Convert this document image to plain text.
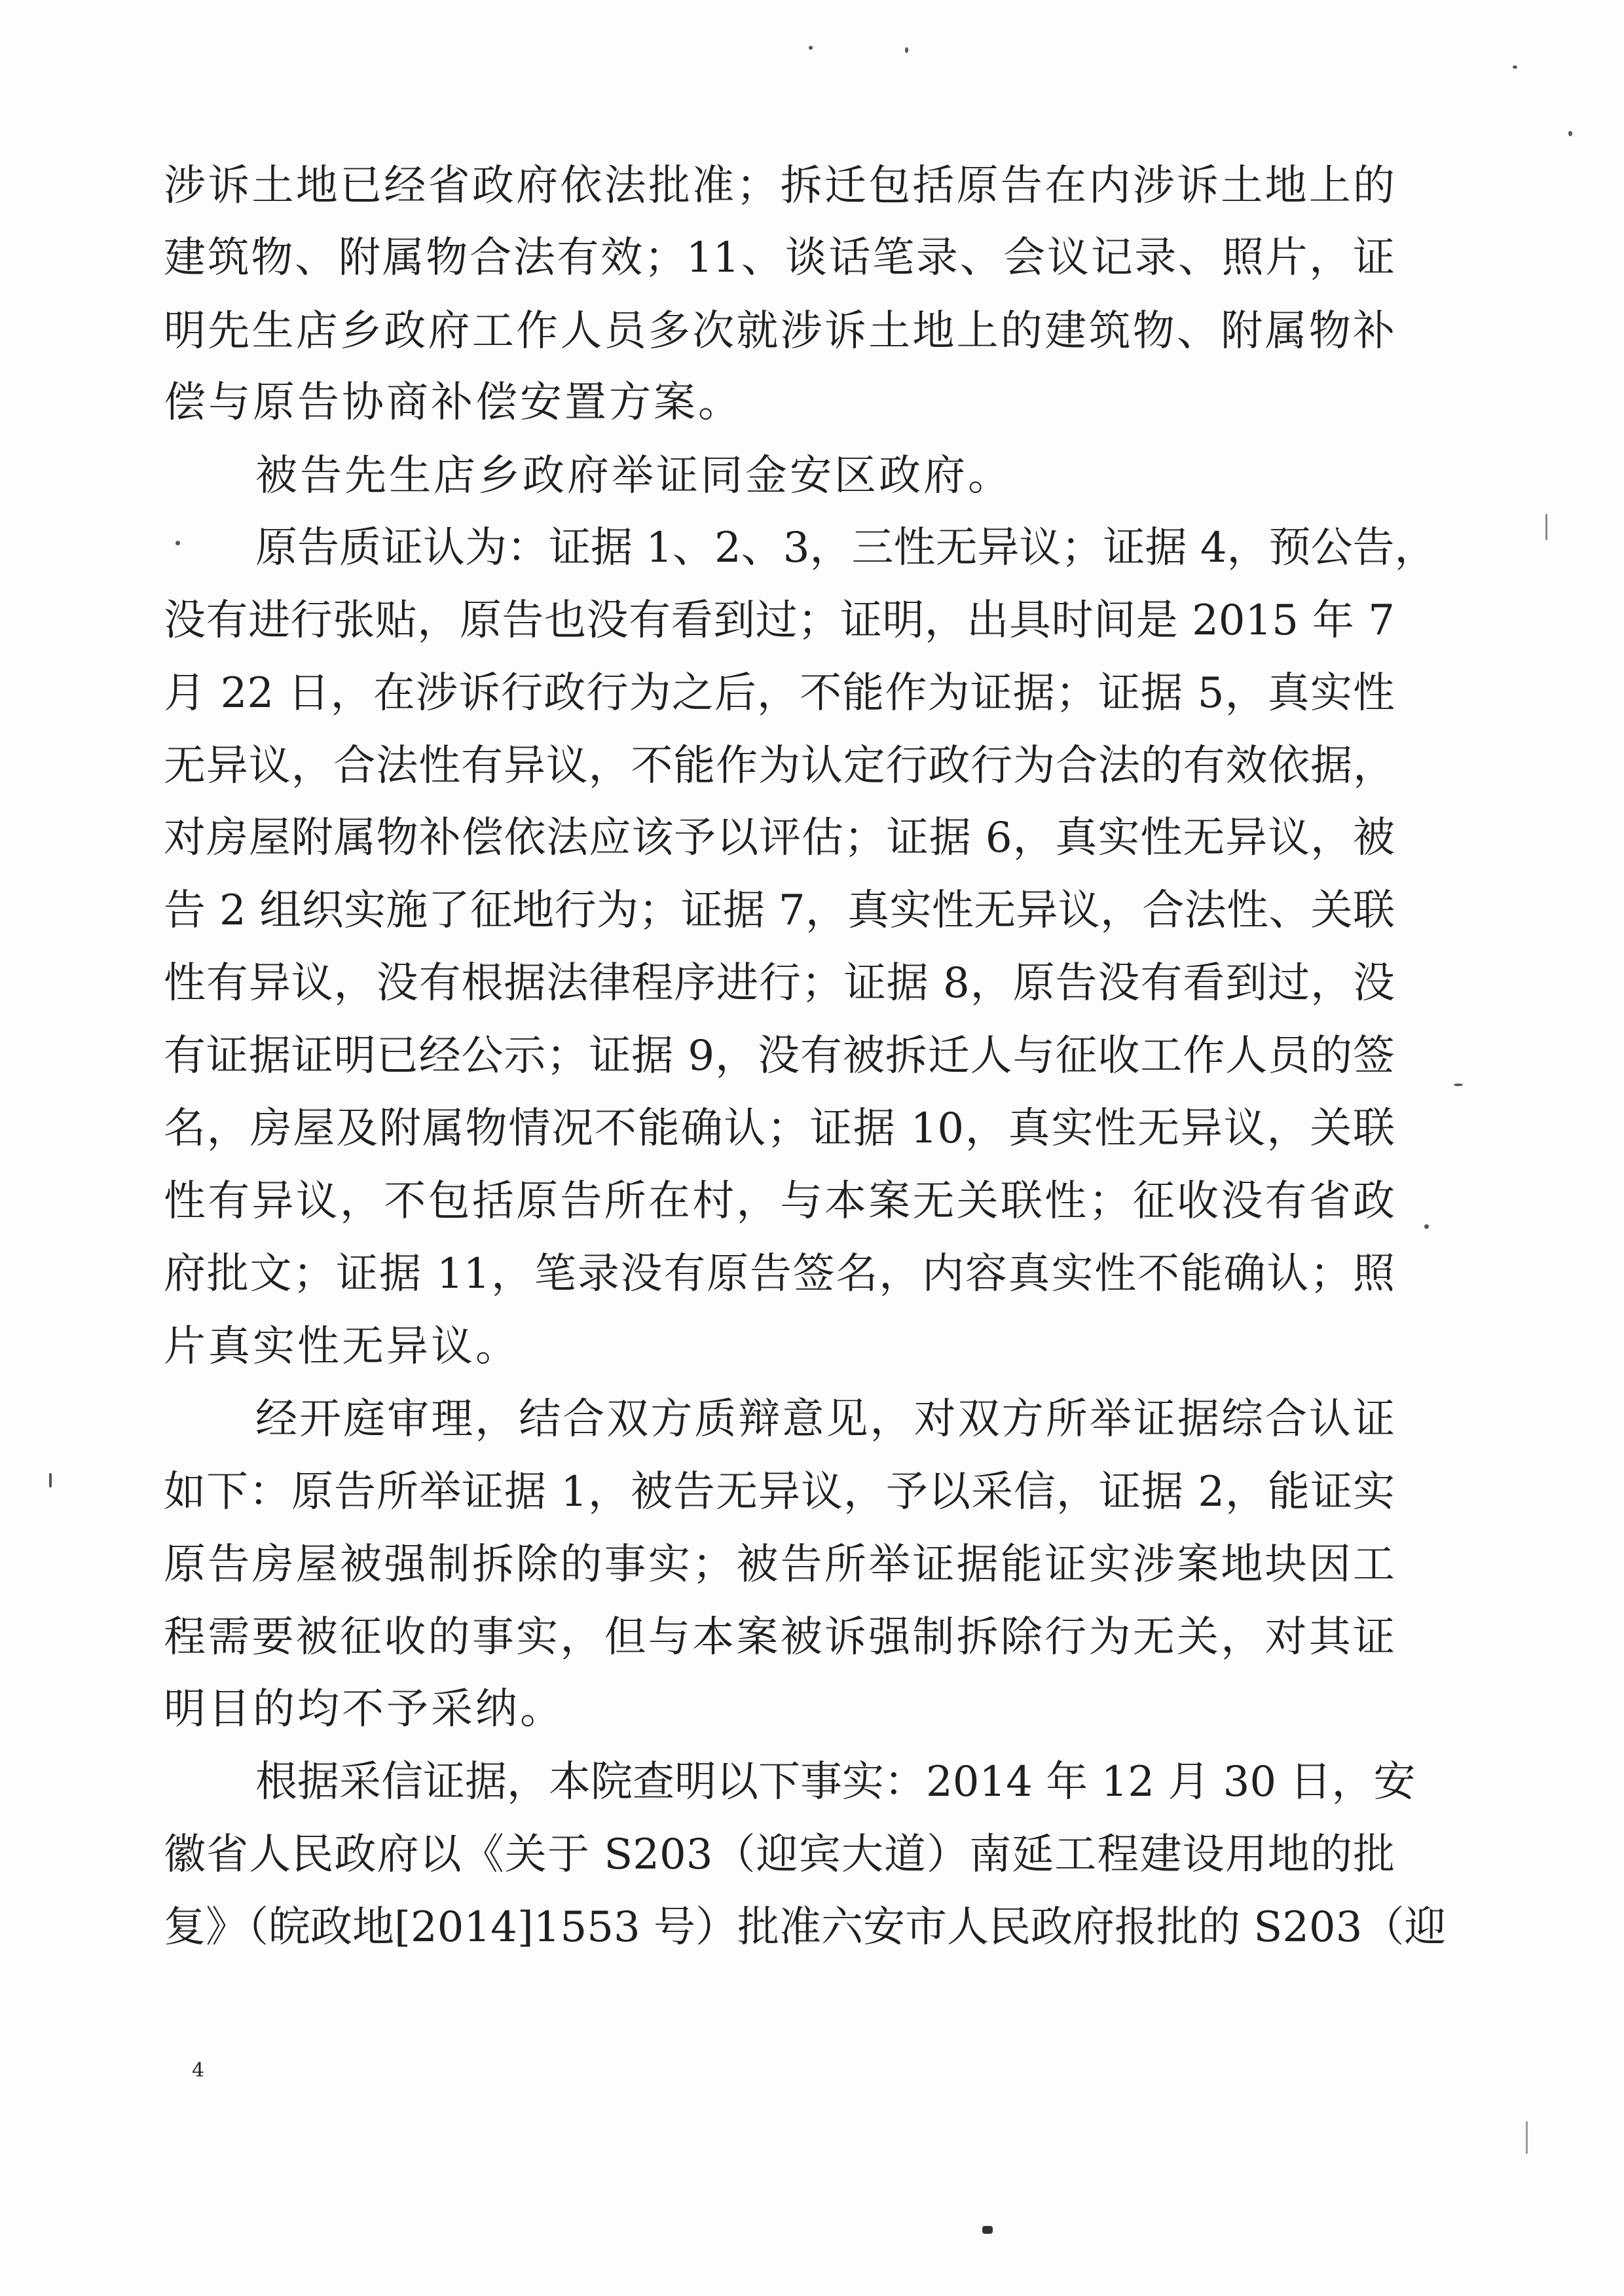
涉诉土地已经省政府依法批准；拆迁包括原告在内涉诉土地上的

建筑物、附属物合法有效；11、谈话笔录、会议记录、照片，证

明先生店乡政府工作人员多次就涉诉土地上的建筑物、附属物补

偿与原告协商补偿安置方案。

被告先生店乡政府举证同金安区政府。

原告质证认为：证据 1、2、3，三性无异议；证据 4，预公告，

没有进行张贴，原告也没有看到过；证明，出具时间是 2015 年 7

月 22 日，在涉诉行政行为之后，不能作为证据；证据 5，真实性

无异议，合法性有异议，不能作为认定行政行为合法的有效依据，

对房屋附属物补偿依法应该予以评估；证据 6，真实性无异议，被

告 2 组织实施了征地行为；证据 7，真实性无异议，合法性、关联

性有异议，没有根据法律程序进行；证据 8，原告没有看到过，没

有证据证明已经公示；证据 9，没有被拆迁人与征收工作人员的签

名，房屋及附属物情况不能确认；证据 10，真实性无异议，关联

性有异议，不包括原告所在村，与本案无关联性；征收没有省政

府批文；证据 11，笔录没有原告签名，内容真实性不能确认；照

片真实性无异议。

经开庭审理，结合双方质辩意见，对双方所举证据综合认证

如下：原告所举证据 1，被告无异议，予以采信，证据 2，能证实

原告房屋被强制拆除的事实；被告所举证据能证实涉案地块因工

程需要被征收的事实，但与本案被诉强制拆除行为无关，对其证

明目的均不予采纳。

根据采信证据，本院查明以下事实：2014 年 12 月 30 日，安

徽省人民政府以《关于 S203（迎宾大道）南延工程建设用地的批

复》（皖政地[2014]1553 号）批准六安市人民政府报批的 S203（迎

4
